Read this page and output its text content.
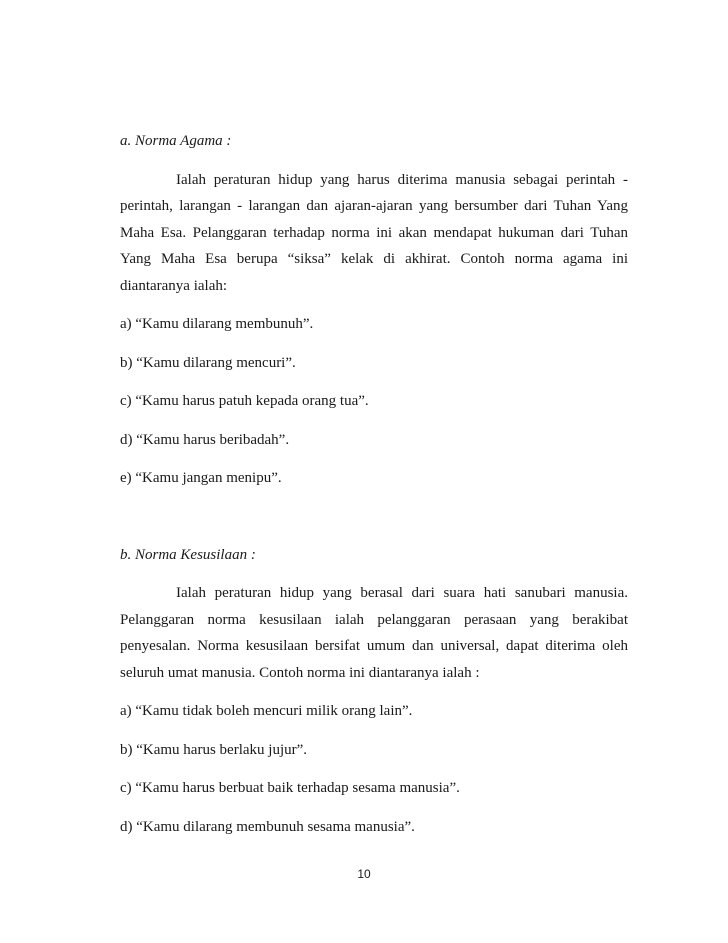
a. Norma Agama :
Ialah peraturan hidup yang harus diterima manusia sebagai perintah - perintah, larangan - larangan dan ajaran-ajaran yang bersumber dari Tuhan Yang Maha Esa. Pelanggaran terhadap norma ini akan mendapat hukuman dari Tuhan Yang Maha Esa berupa “siksa” kelak di akhirat. Contoh norma agama ini diantaranya ialah:
a) “Kamu dilarang membunuh”.
b) “Kamu dilarang mencuri”.
c) “Kamu harus patuh kepada orang tua”.
d) “Kamu harus beribadah”.
e) “Kamu jangan menipu”.
b. Norma Kesusilaan :
Ialah peraturan hidup yang berasal dari suara hati sanubari manusia. Pelanggaran norma kesusilaan ialah pelanggaran perasaan yang berakibat penyesalan. Norma kesusilaan bersifat umum dan universal, dapat diterima oleh seluruh umat manusia. Contoh norma ini diantaranya ialah :
a) “Kamu tidak boleh mencuri milik orang lain”.
b) “Kamu harus berlaku jujur”.
c) “Kamu harus berbuat baik terhadap sesama manusia”.
d) “Kamu dilarang membunuh sesama manusia”.
10
